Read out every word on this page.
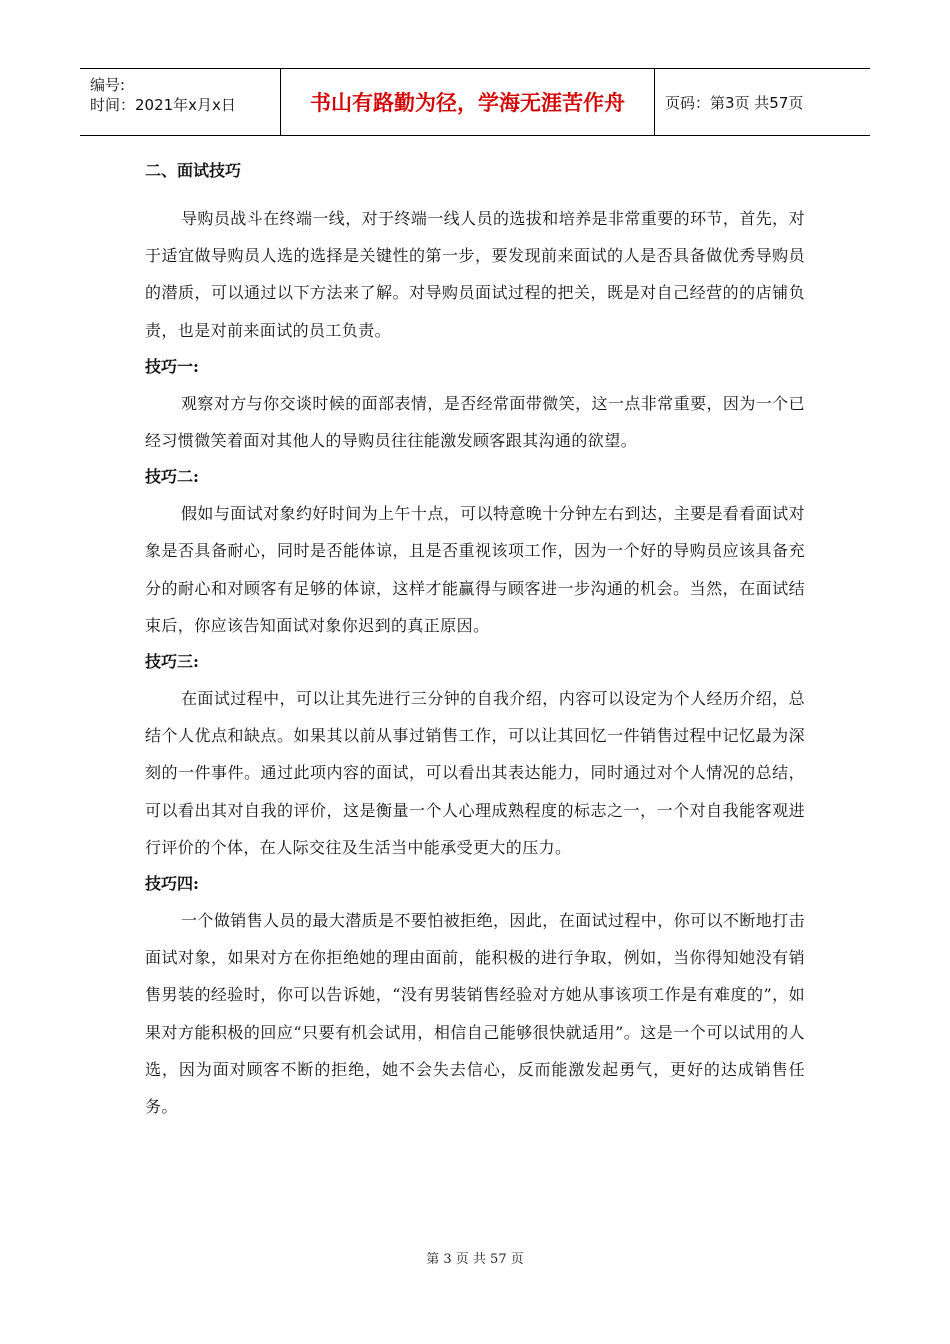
编号:
时间：2021年x月x日	书山有路勤为径，学海无涯苦作舟	页码：第3页 共57页
二、面试技巧
导购员战斗在终端一线，对于终端一线人员的选拔和培养是非常重要的环节，首先，对于适宜做导购员人选的选择是关键性的第一步，要发现前来面试的人是否具备做优秀导购员的潜质，可以通过以下方法来了解。对导购员面试过程的把关，既是对自己经营的的店铺负责，也是对前来面试的员工负责。
技巧一:
观察对方与你交谈时候的面部表情，是否经常面带微笑，这一点非常重要，因为一个已经习惯微笑着面对其他人的导购员往往能激发顾客跟其沟通的欲望。
技巧二:
假如与面试对象约好时间为上午十点，可以特意晚十分钟左右到达，主要是看看面试对象是否具备耐心，同时是否能体谅，且是否重视该项工作，因为一个好的导购员应该具备充分的耐心和对顾客有足够的体谅，这样才能赢得与顾客进一步沟通的机会。当然，在面试结束后，你应该告知面试对象你迟到的真正原因。
技巧三:
在面试过程中，可以让其先进行三分钟的自我介绍，内容可以设定为个人经历介绍，总结个人优点和缺点。如果其以前从事过销售工作，可以让其回忆一件销售过程中记忆最为深刻的一件事件。通过此项内容的面试，可以看出其表达能力，同时通过对个人情况的总结，可以看出其对自我的评价，这是衡量一个人心理成熟程度的标志之一，一个对自我能客观进行评价的个体，在人际交往及生活当中能承受更大的压力。
技巧四:
一个做销售人员的最大潜质是不要怕被拒绝，因此，在面试过程中，你可以不断地打击面试对象，如果对方在你拒绝她的理由面前，能积极的进行争取，例如，当你得知她没有销售男装的经验时，你可以告诉她，“没有男装销售经验对方她从事该项工作是有难度的”，如果对方能积极的回应“只要有机会试用，相信自己能够很快就适用”。这是一个可以试用的人选，因为面对顾客不断的拒绝，她不会失去信心，反而能激发起勇气，更好的达成销售任务。
第 3 页 共 57 页
